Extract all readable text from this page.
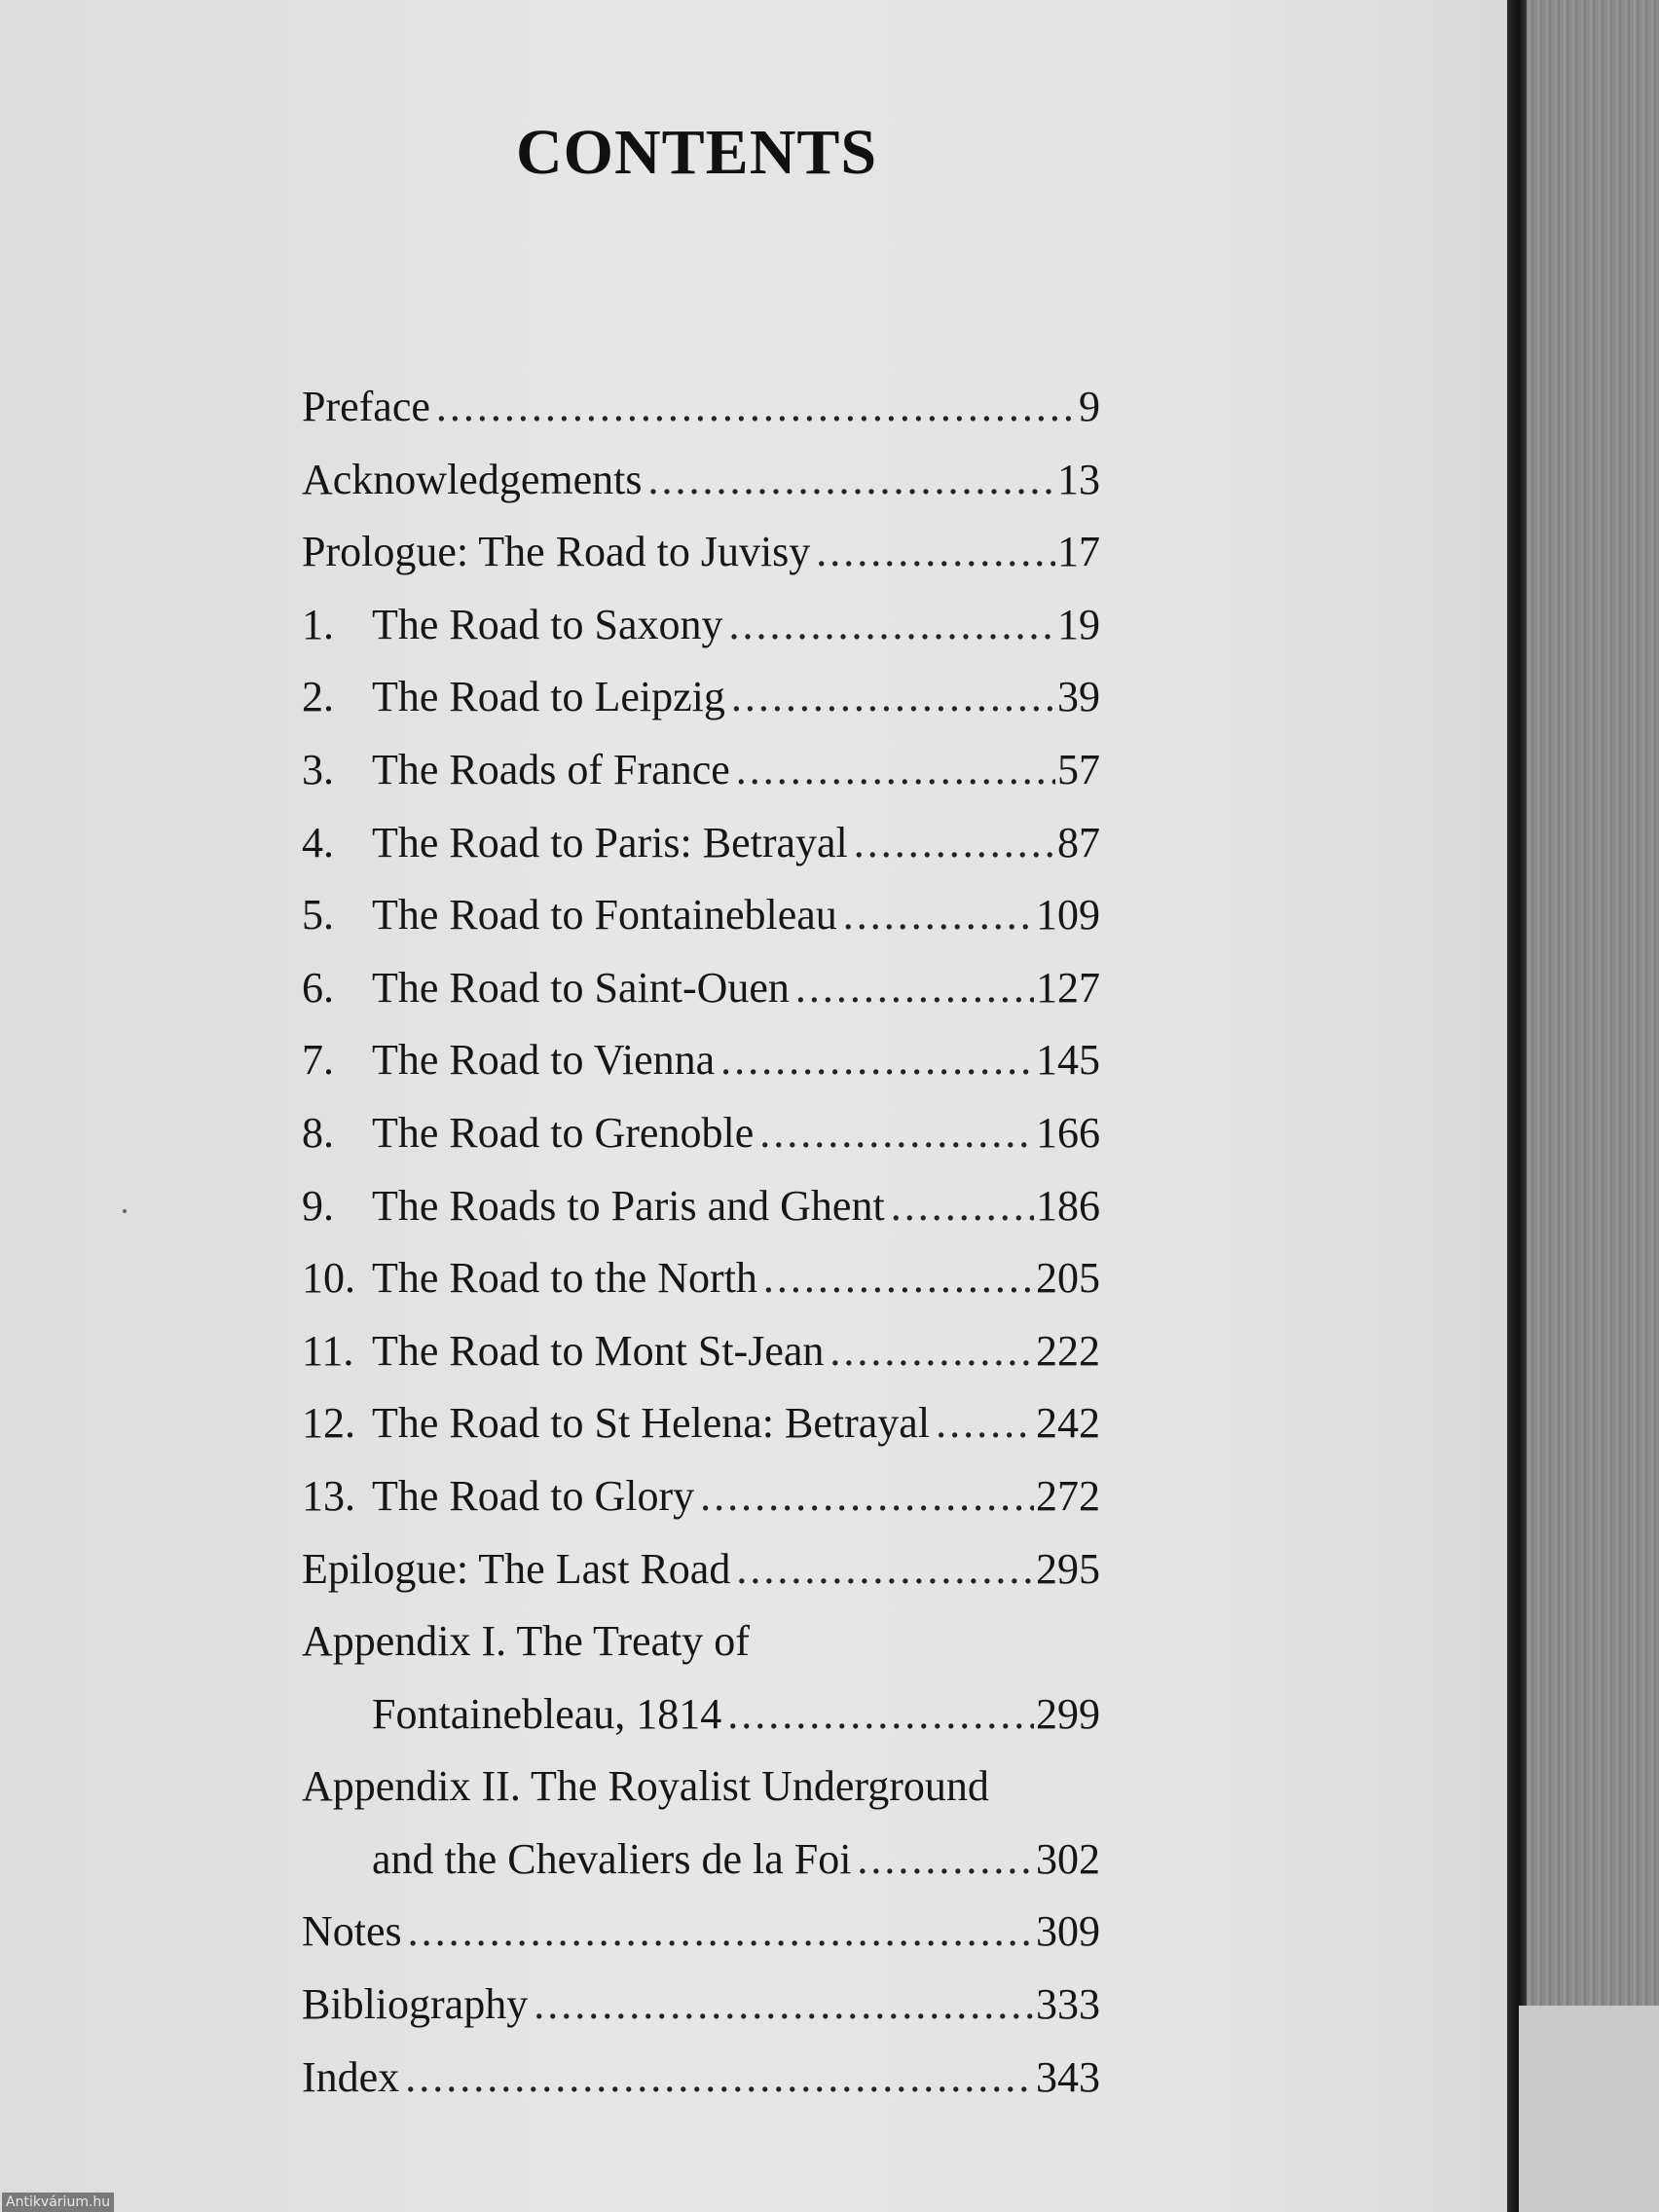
CONTENTS
Preface .....	9
Acknowledgements .....	13
Prologue: The Road to Juvisy .....	17
1. The Road to Saxony .....	19
2. The Road to Leipzig .....	39
3. The Roads of France .....	57
4. The Road to Paris: Betrayal .....	87
5. The Road to Fontainebleau .....	109
6. The Road to Saint-Ouen .....	127
7. The Road to Vienna .....	145
8. The Road to Grenoble .....	166
9. The Roads to Paris and Ghent .....	186
10. The Road to the North .....	205
11. The Road to Mont St-Jean .....	222
12. The Road to St Helena: Betrayal ..... 242
13. The Road to Glory .....	272
Epilogue: The Last Road .....	295
Appendix I. The Treaty of
Fontainebleau, 1814 .....	299
Appendix II. The Royalist Underground
and the Chevaliers de la Foi .....	302
Notes .....	309
Bibliography .....	333
Index .....	343
Antikvárium.hu
